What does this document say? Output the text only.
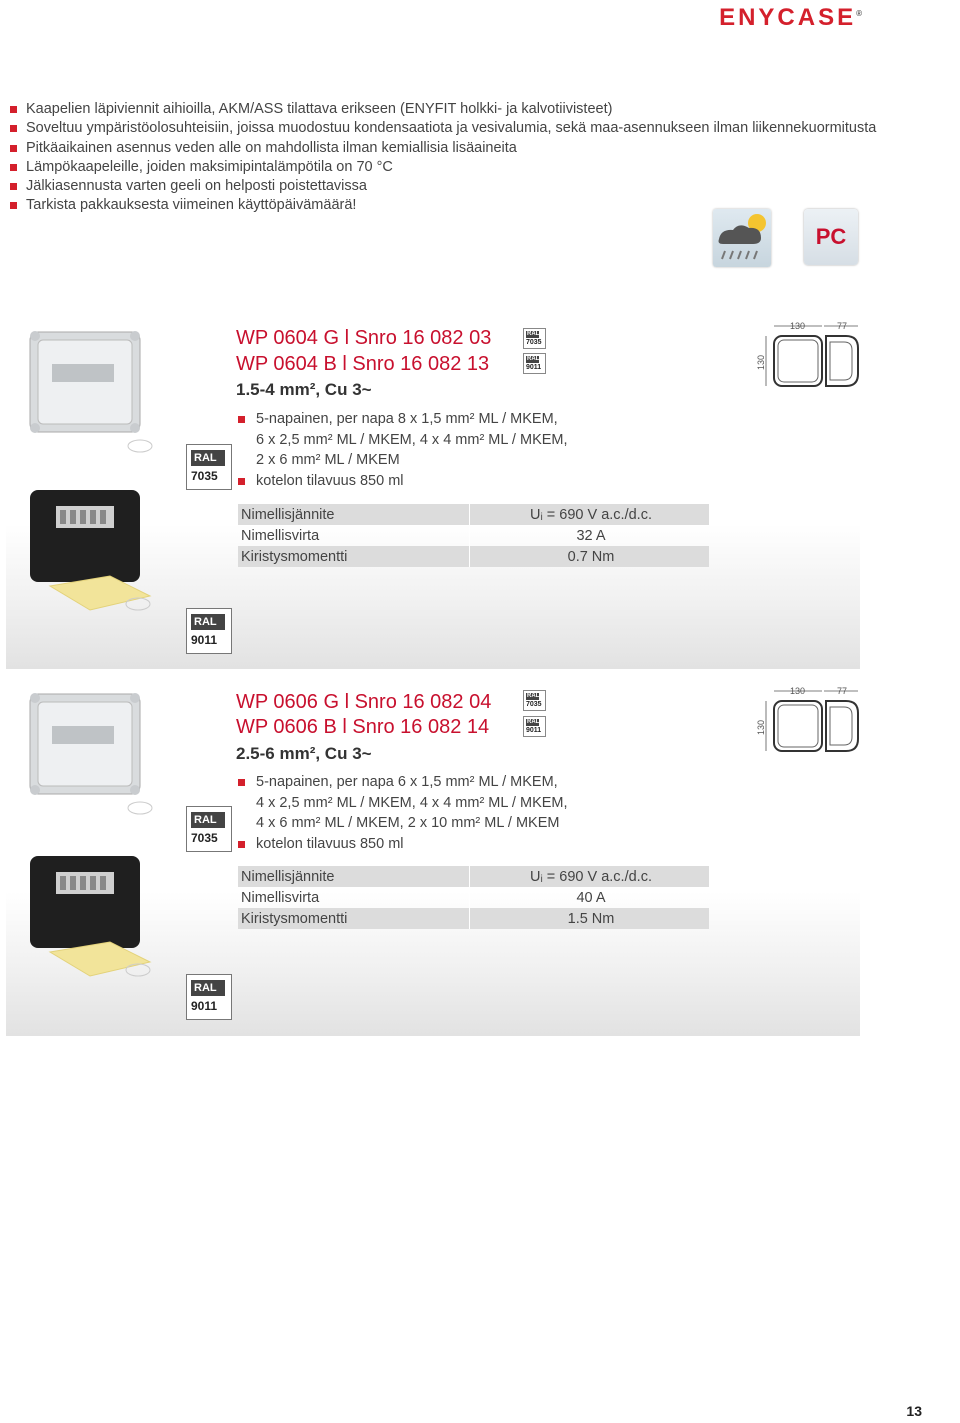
ENYCASE®
Kaapelien läpiviennit aihioilla, AKM/ASS tilattava erikseen (ENYFIT holkki- ja kalvotiivisteet)
Soveltuu ympäristöolosuhteisiin, joissa muodostuu kondensaatiota ja vesivalumia, sekä maa-asennukseen ilman liikennekuormitusta
Pitkäaikainen asennus veden alle on mahdollista ilman kemiallisia lisäaineita
Lämpökaapeleille, joiden maksimipintalämpötila on 70 °C
Jälkiasennusta varten geeli on helposti poistettavissa
Tarkista pakkauksesta viimeinen käyttöpäivämäärä!
PC
RAL
7035
RAL
9011
WP 0604 G l Snro 16 082 03	RAL
7035
WP 0604 B l Snro 16 082 13	RAL
9011
1.5-4 mm², Cu 3~
5-napainen, per napa 8 x 1,5 mm² ML / MKEM,
6 x 2,5 mm² ML / MKEM, 4 x 4 mm² ML / MKEM,
2 x 6 mm² ML / MKEM
kotelon tilavuus 850 ml
Nimellisjännite	Uᵢ = 690 V a.c./d.c.
Nimellisvirta	32 A
Kiristysmomentti	0.7 Nm
130	77
130
RAL
7035
RAL
9011
WP 0606 G l Snro 16 082 04	RAL
7035
WP 0606 B l Snro 16 082 14	RAL
9011
2.5-6 mm², Cu 3~
5-napainen, per napa 6 x 1,5 mm² ML / MKEM,
4 x 2,5 mm² ML / MKEM, 4 x 4 mm² ML / MKEM,
4 x 6 mm² ML / MKEM, 2 x 10 mm² ML / MKEM
kotelon tilavuus 850 ml
Nimellisjännite	Uᵢ = 690 V a.c./d.c.
Nimellisvirta	40 A
Kiristysmomentti	1.5 Nm
130	77
130
13
